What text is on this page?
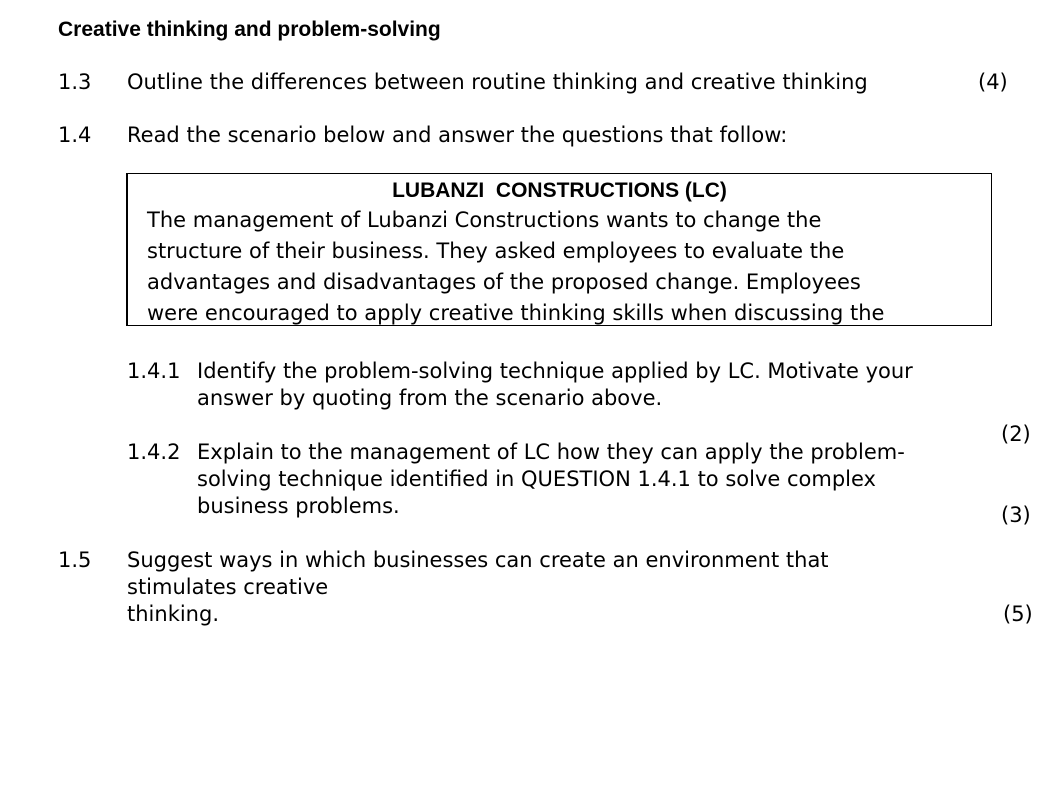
Creative thinking and problem-solving
1.3 Outline the differences between routine thinking and creative thinking	(4)
1.4 Read the scenario below and answer the questions that follow:
LUBANZI  CONSTRUCTIONS (LC)
The management of Lubanzi Constructions wants to change the
structure of their business. They asked employees to evaluate the
advantages and disadvantages of the proposed change. Employees
were encouraged to apply creative thinking skills when discussing the
1.4.1 Identify the problem-solving technique applied by LC. Motivate your
answer by quoting from the scenario above.
(2)
1.4.2 Explain to the management of LC how they can apply the problem-
solving technique identified in QUESTION 1.4.1 to solve complex
business problems.	(3)
1.5 Suggest ways in which businesses can create an environment that
stimulates creative
thinking.	(5)
